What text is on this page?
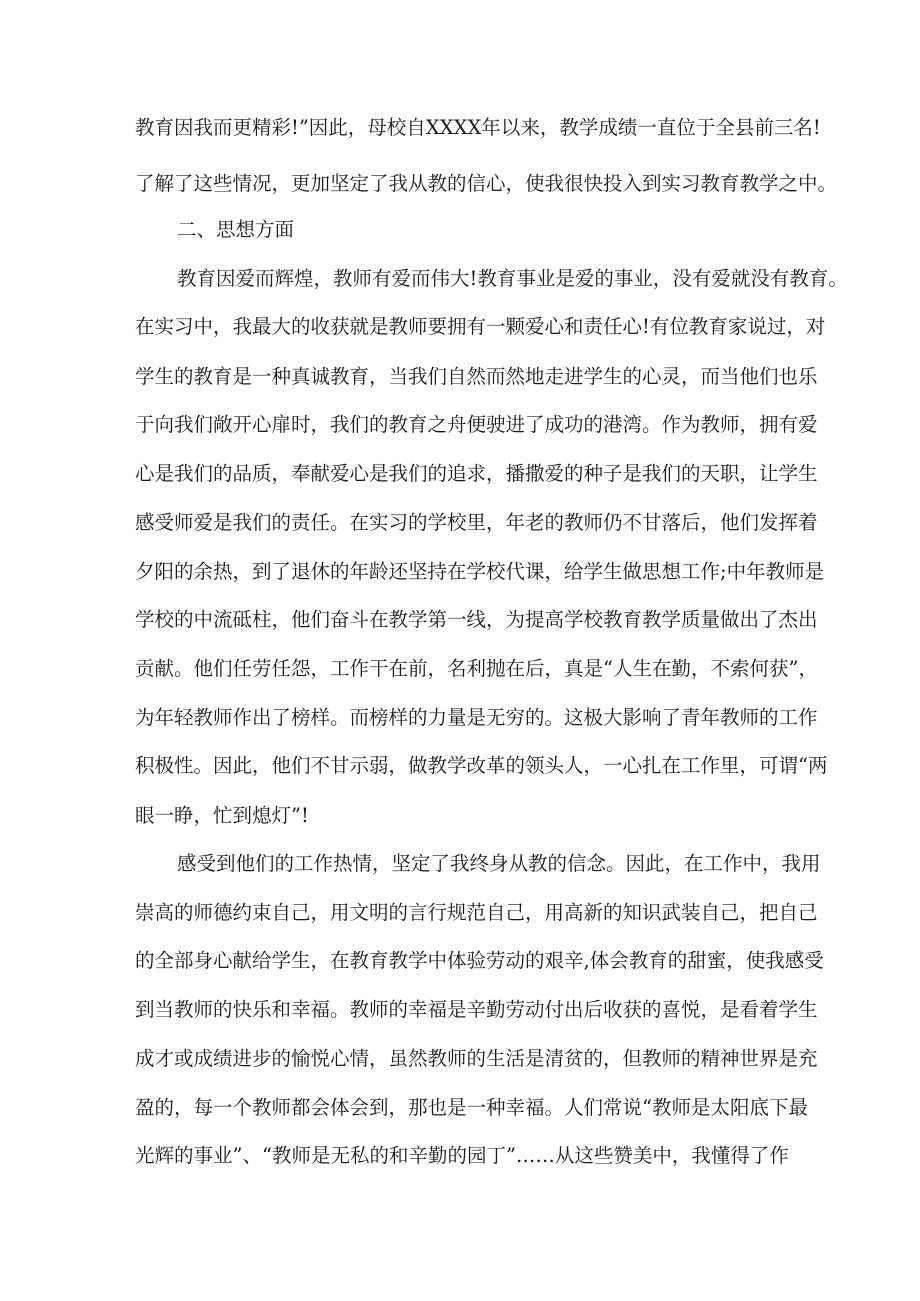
教育因我而更精彩!”因此，母校自XXXX年以来，教学成绩一直位于全县前三名!
了解了这些情况，更加坚定了我从教的信心，使我很快投入到实习教育教学之中。
二、思想方面
教育因爱而辉煌，教师有爱而伟大!教育事业是爱的事业，没有爱就没有教育。
在实习中，我最大的收获就是教师要拥有一颗爱心和责任心!有位教育家说过，对
学生的教育是一种真诚教育，当我们自然而然地走进学生的心灵，而当他们也乐
于向我们敞开心扉时，我们的教育之舟便驶进了成功的港湾。作为教师，拥有爱
心是我们的品质，奉献爱心是我们的追求，播撒爱的种子是我们的天职，让学生
感受师爱是我们的责任。在实习的学校里，年老的教师仍不甘落后，他们发挥着
夕阳的余热，到了退休的年龄还坚持在学校代课，给学生做思想工作;中年教师是
学校的中流砥柱，他们奋斗在教学第一线，为提高学校教育教学质量做出了杰出
贡献。他们任劳任怨，工作干在前，名利抛在后，真是“人生在勤，不索何获”，
为年轻教师作出了榜样。而榜样的力量是无穷的。这极大影响了青年教师的工作
积极性。因此，他们不甘示弱，做教学改革的领头人，一心扎在工作里，可谓“两
眼一睁，忙到熄灯”!
感受到他们的工作热情，坚定了我终身从教的信念。因此，在工作中，我用
崇高的师德约束自己，用文明的言行规范自己，用高新的知识武装自己，把自己
的全部身心献给学生，在教育教学中体验劳动的艰辛,体会教育的甜蜜，使我感受
到当教师的快乐和幸福。教师的幸福是辛勤劳动付出后收获的喜悦，是看着学生
成才或成绩进步的愉悦心情，虽然教师的生活是清贫的，但教师的精神世界是充
盈的，每一个教师都会体会到，那也是一种幸福。人们常说“教师是太阳底下最
光辉的事业”、“教师是无私的和辛勤的园丁”……从这些赞美中，我懂得了作
